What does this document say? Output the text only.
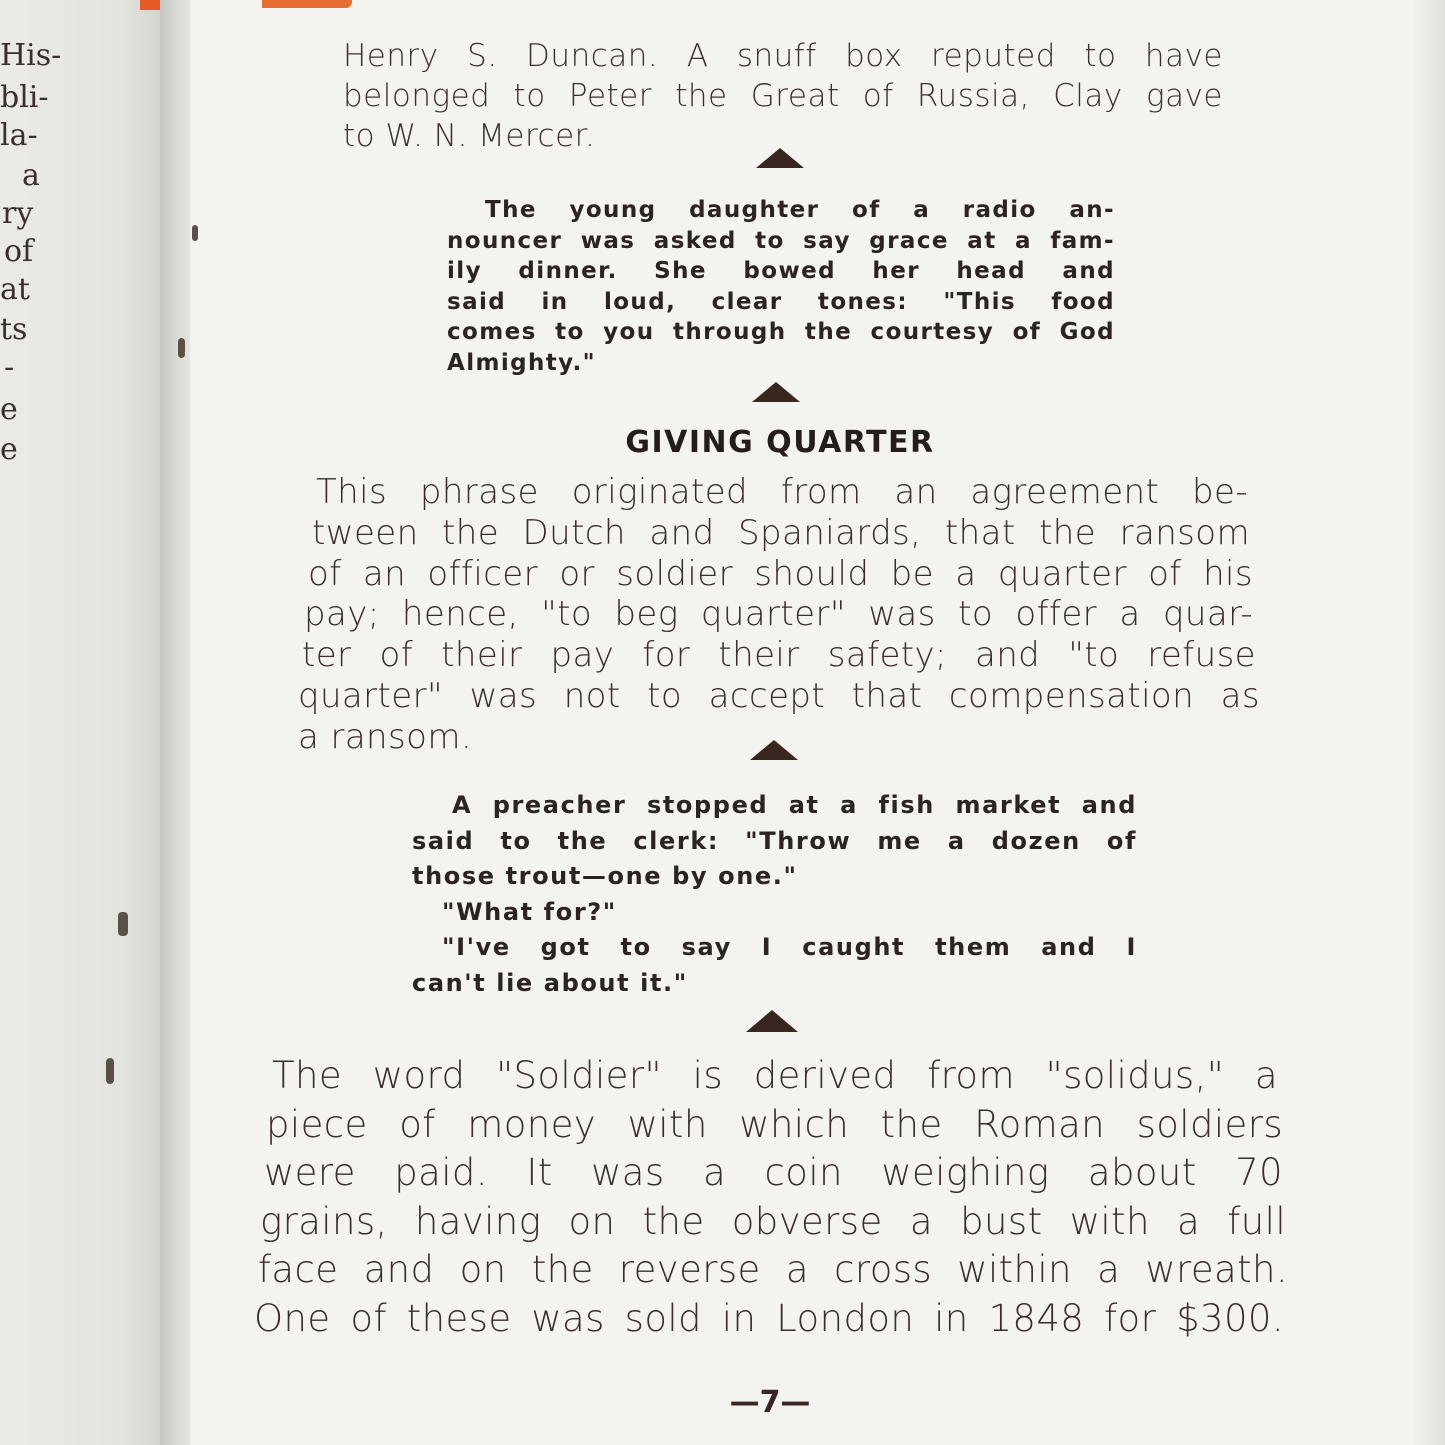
His-
bli-
la-
a
ry
of
at
ts
-
e
e
Henry S. Duncan. A snuff box reputed to have
belonged to Peter the Great of Russia, Clay gave
to W. N. Mercer.
The young daughter of a radio an-
nouncer was asked to say grace at a fam-
ily dinner. She bowed her head and
said in loud, clear tones: "This food
comes to you through the courtesy of God
Almighty."
GIVING QUARTER
This phrase originated from an agreement be-
tween the Dutch and Spaniards, that the ransom
of an officer or soldier should be a quarter of his
pay; hence, "to beg quarter" was to offer a quar-
ter of their pay for their safety; and "to refuse
quarter" was not to accept that compensation as
a ransom.
A preacher stopped at a fish market and
said to the clerk: "Throw me a dozen of
those trout—one by one."
"What for?"
"I've got to say I caught them and I
can't lie about it."
The word "Soldier" is derived from "solidus," a
piece of money with which the Roman soldiers
were paid. It was a coin weighing about 70
grains, having on the obverse a bust with a full
face and on the reverse a cross within a wreath.
One of these was sold in London in 1848 for $300.
—7—
